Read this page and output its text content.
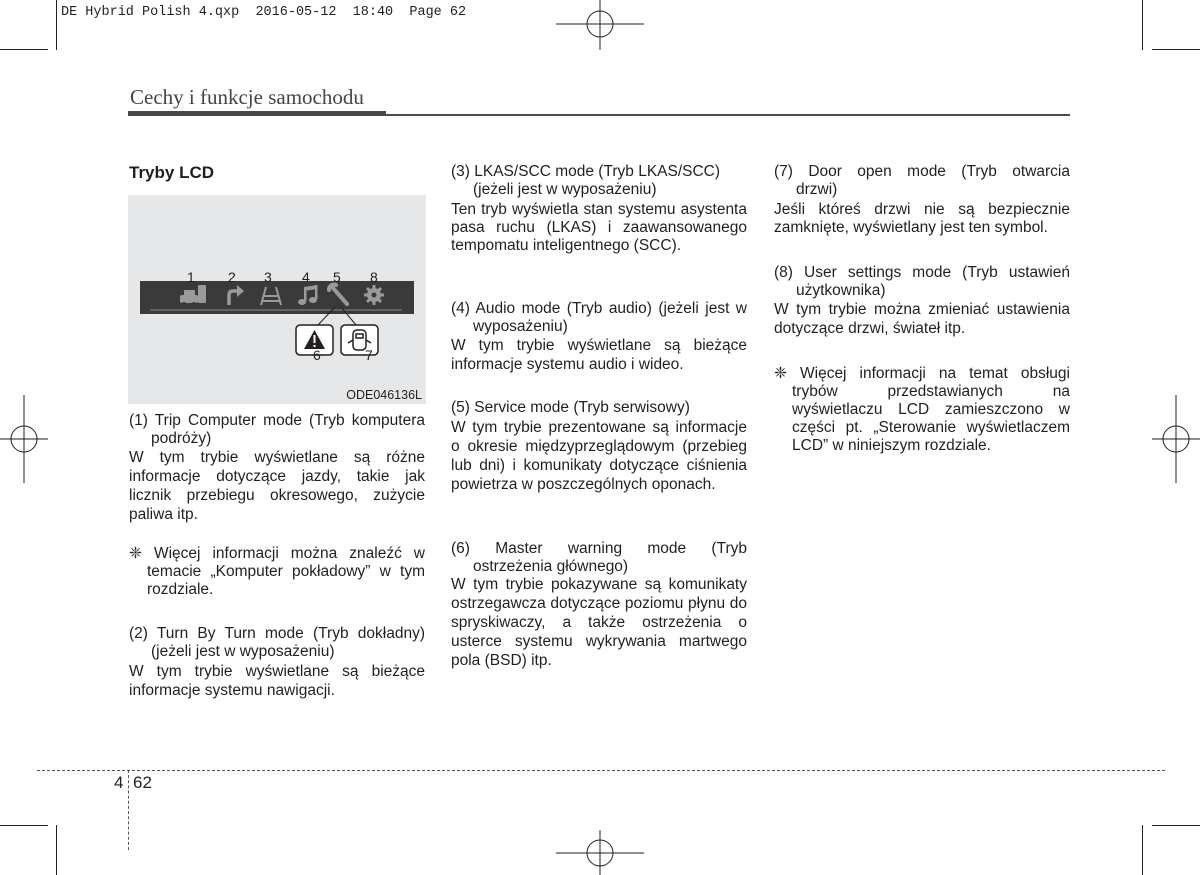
DE Hybrid Polish 4.qxp 2016-05-12 18:40 Page 62
Cechy i funkcje samochodu
Tryby LCD
1 2 3 4 5 8
6	7
ODE046136L
(1) Trip Computer mode (Tryb komputera
podróży)
W tym trybie wyświetlane są różne informacje dotyczące jazdy, takie jak licznik przebiegu okresowego, zużycie paliwa itp.
❈ Więcej informacji można znaleźć w
temacie „Komputer pokładowy” w tym
rozdziale.
(2) Turn By Turn mode (Tryb dokładny)
(jeżeli jest w wyposażeniu)
W tym trybie wyświetlane są bieżące informacje systemu nawigacji.
(3) LKAS/SCC mode (Tryb LKAS/SCC)
(jeżeli jest w wyposażeniu)
Ten tryb wyświetla stan systemu asystenta pasa ruchu (LKAS) i zaawansowanego tempomatu inteligentnego (SCC).
(4) Audio mode (Tryb audio) (jeżeli jest w
wyposażeniu)
W tym trybie wyświetlane są bieżące informacje systemu audio i wideo.
(5) Service mode (Tryb serwisowy)
W tym trybie prezentowane są informacje o okresie międzyprzeglądowym (przebieg lub dni) i komunikaty dotyczące ciśnienia powietrza w poszczególnych oponach.
(6) Master warning mode (Tryb
ostrzeżenia głównego)
W tym trybie pokazywane są komunikaty ostrzegawcza dotyczące poziomu płynu do spryskiwaczy, a także ostrzeżenia o usterce systemu wykrywania martwego pola (BSD) itp.
(7) Door open mode (Tryb otwarcia
drzwi)
Jeśli któreś drzwi nie są bezpiecznie zamknięte, wyświetlany jest ten symbol.
(8) User settings mode (Tryb ustawień
użytkownika)
W tym trybie można zmieniać ustawienia dotyczące drzwi, świateł itp.
❈ Więcej informacji na temat obsługi
trybów przedstawianych na
wyświetlaczu LCD zamieszczono w
części pt. „Sterowanie wyświetlaczem
LCD” w niniejszym rozdziale.
4 62
